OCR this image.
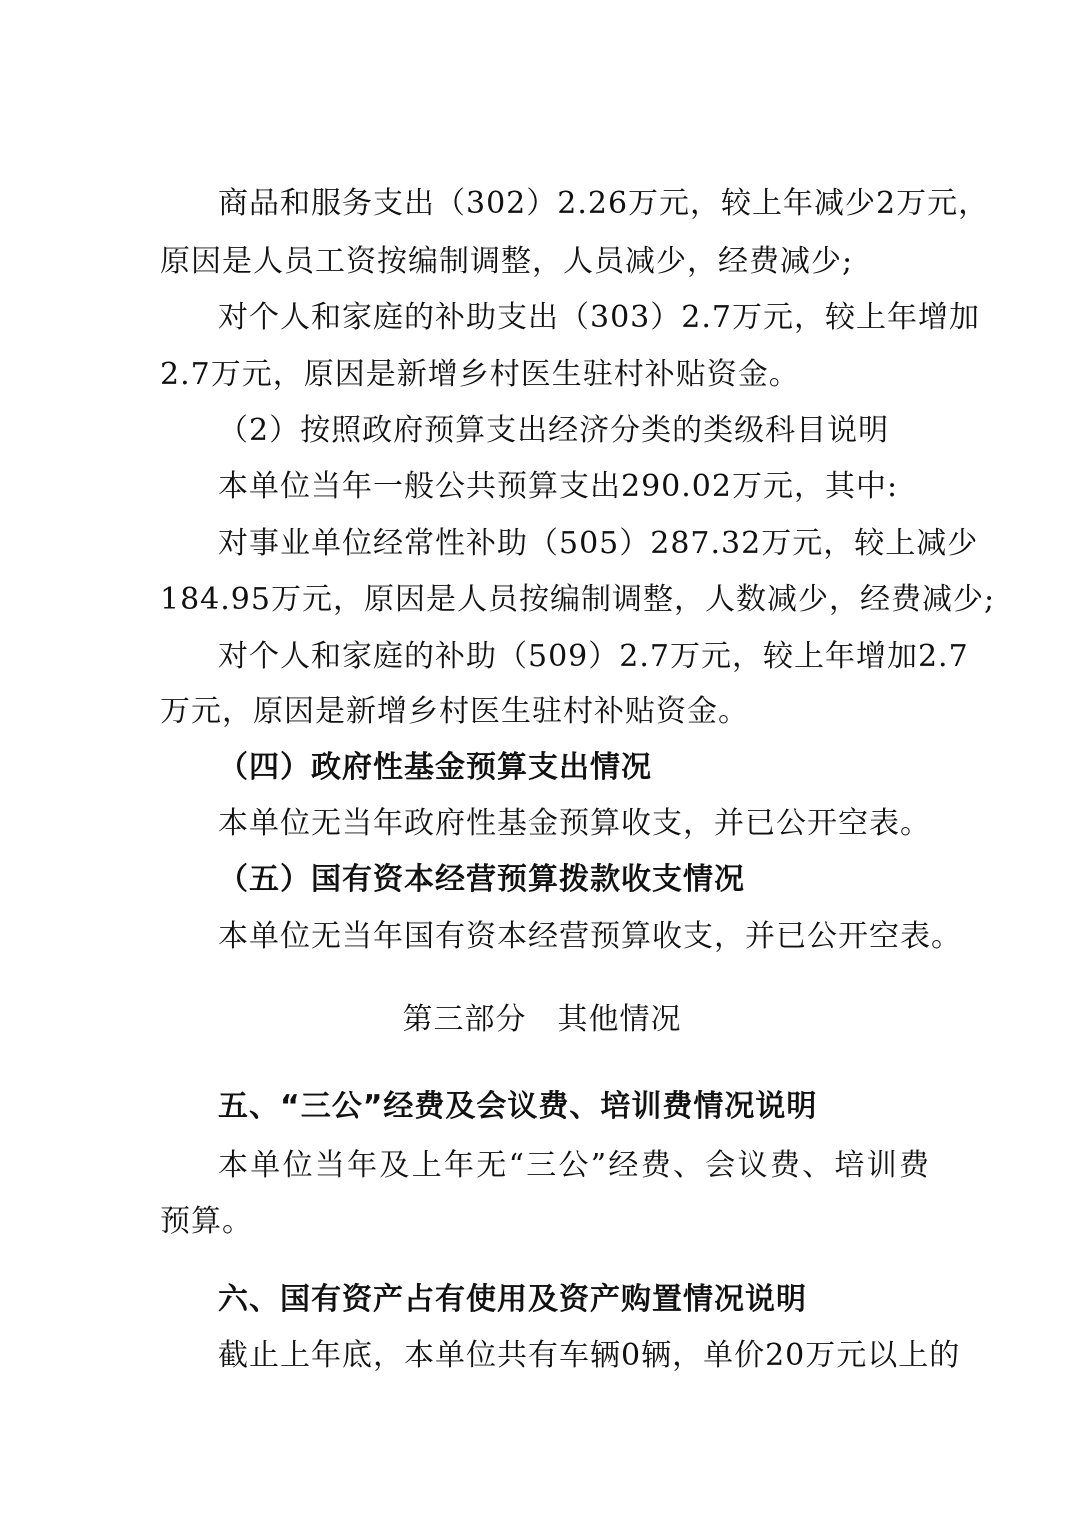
商品和服务支出（302）2.26万元，较上年减少2万元，
原因是人员工资按编制调整，人员减少，经费减少;
对个人和家庭的补助支出（303）2.7万元，较上年增加
2.7万元，原因是新增乡村医生驻村补贴资金。
（2）按照政府预算支出经济分类的类级科目说明
本单位当年一般公共预算支出290.02万元，其中:
对事业单位经常性补助（505）287.32万元，较上减少
184.95万元，原因是人员按编制调整，人数减少，经费减少;
对个人和家庭的补助（509）2.7万元，较上年增加2.7
万元，原因是新增乡村医生驻村补贴资金。
（四）政府性基金预算支出情况
本单位无当年政府性基金预算收支，并已公开空表。
（五）国有资本经营预算拨款收支情况
本单位无当年国有资本经营预算收支，并已公开空表。
第三部分　其他情况
五、“三公”经费及会议费、培训费情况说明
本单位当年及上年无“三公”经费、会议费、培训费
预算。
六、国有资产占有使用及资产购置情况说明
截止上年底，本单位共有车辆0辆，单价20万元以上的
